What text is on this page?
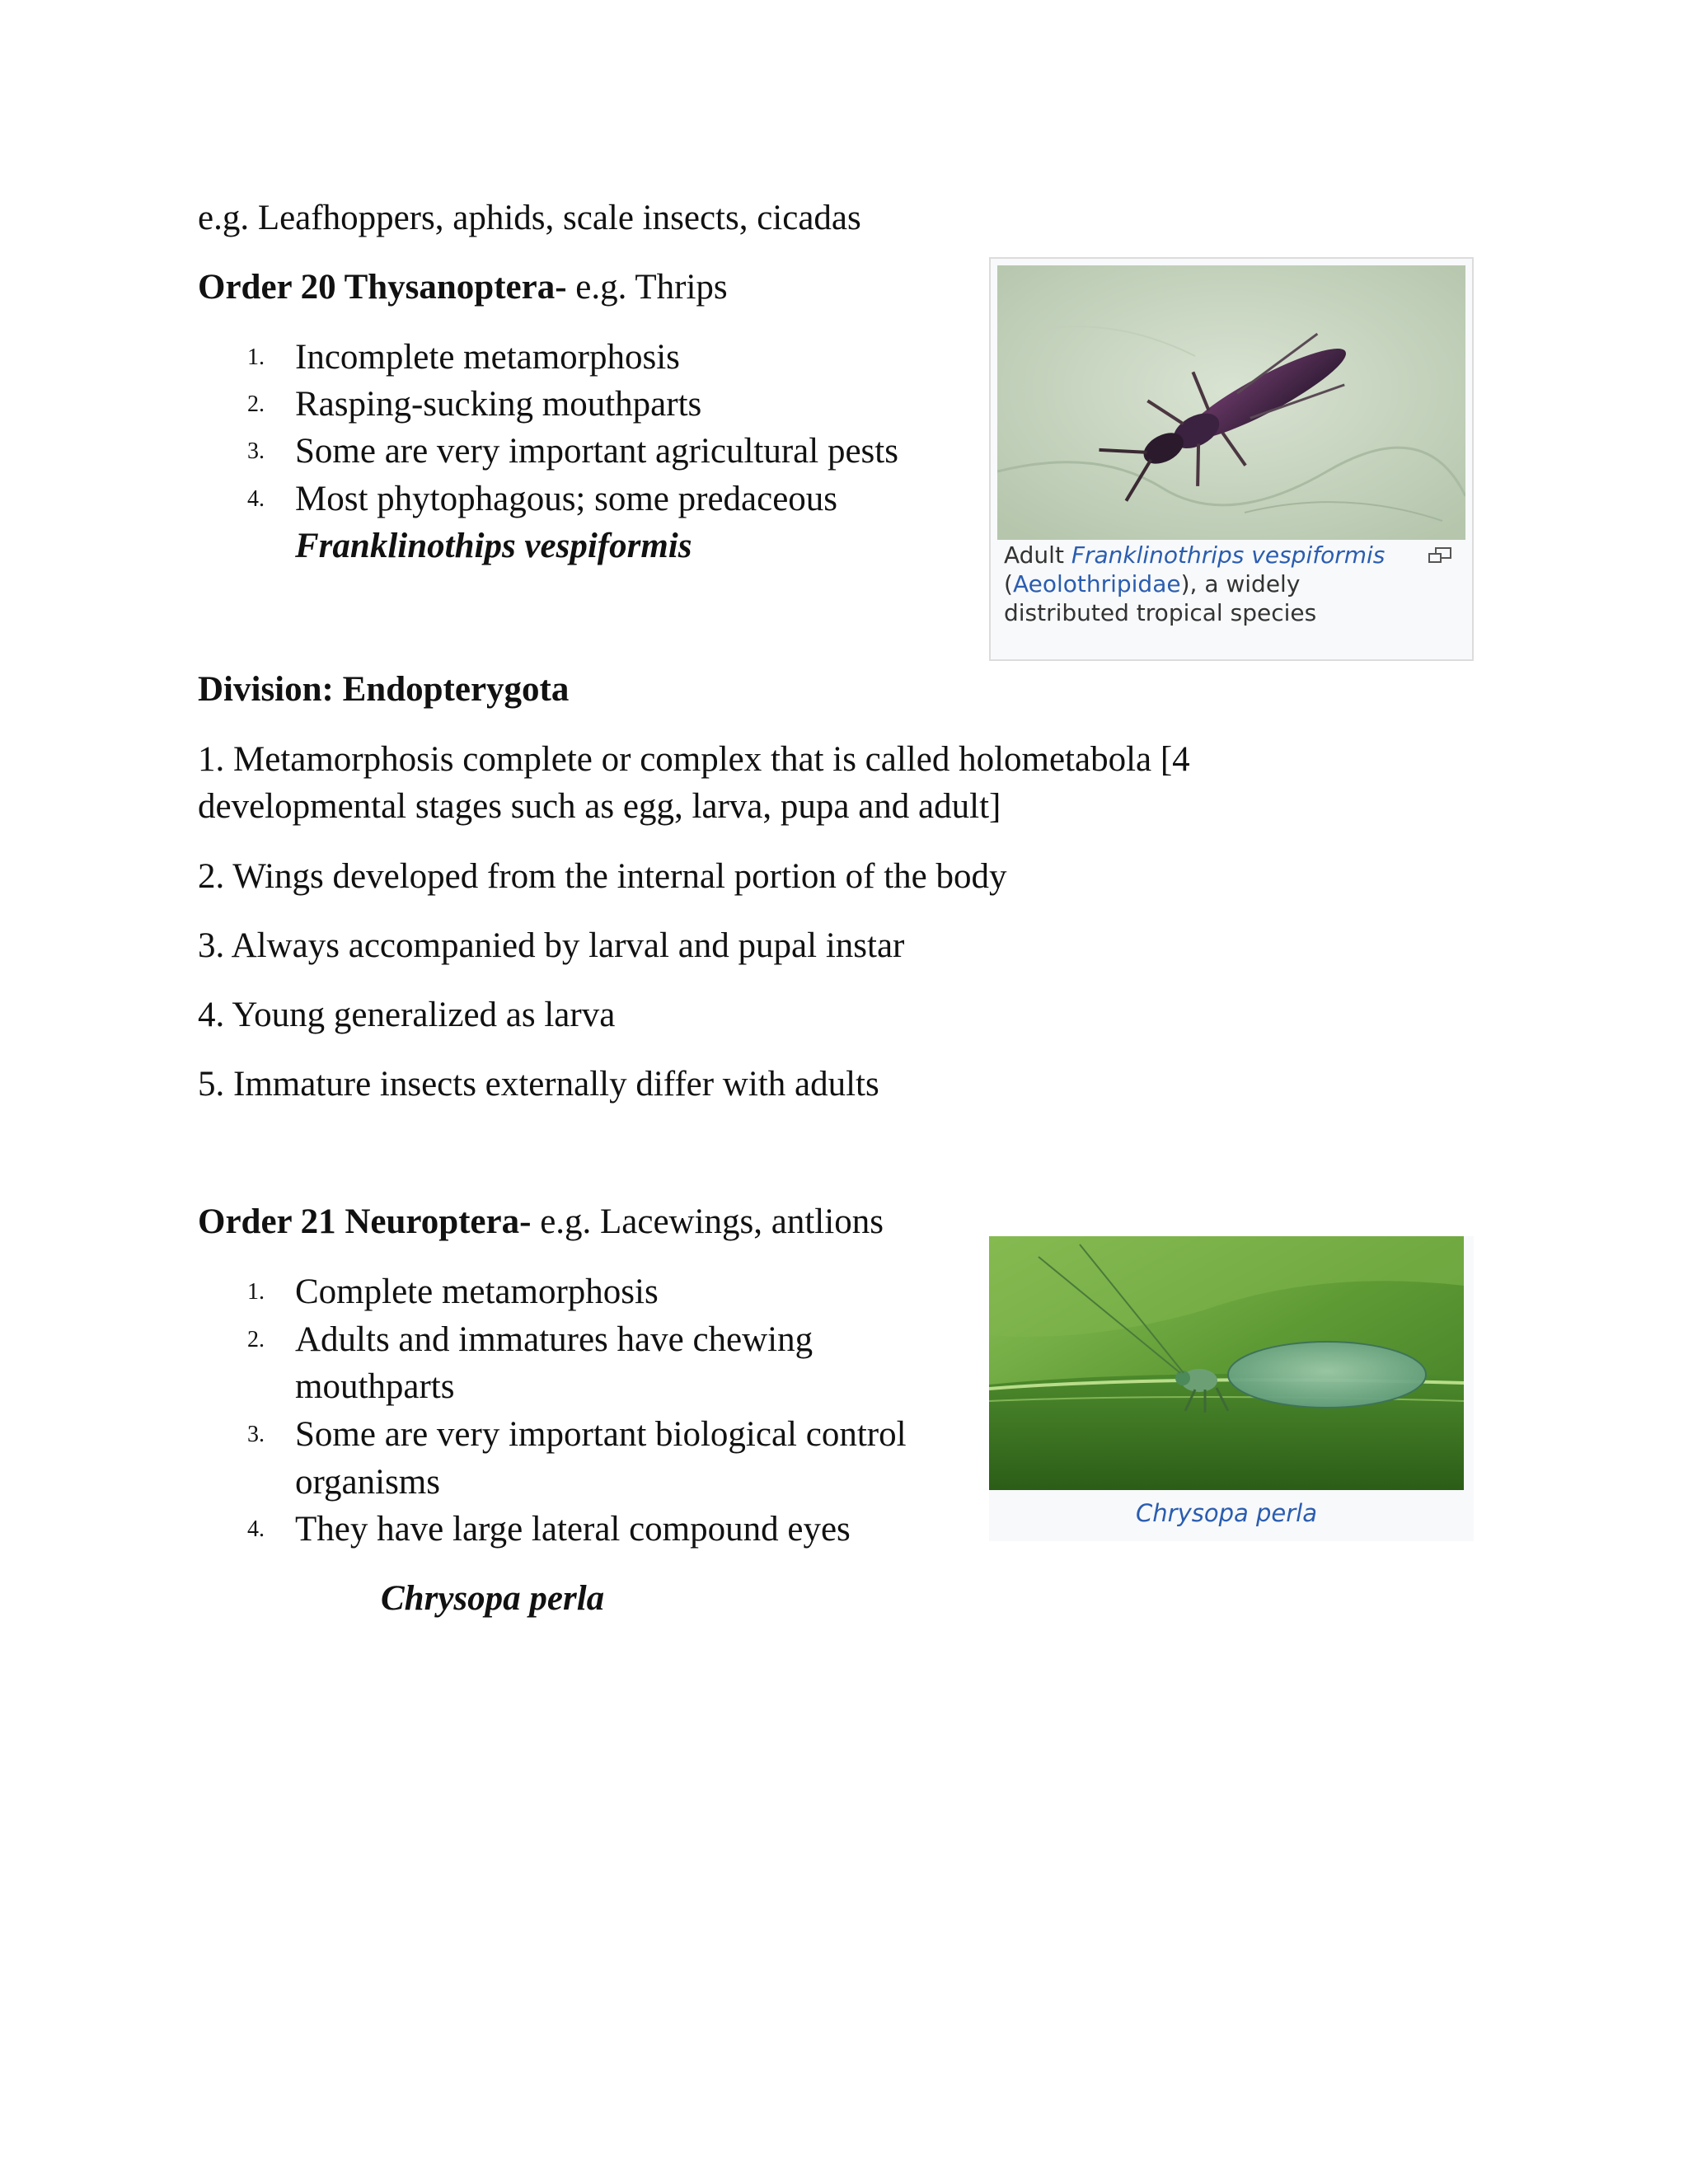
e.g. Leafhoppers, aphids, scale insects, cicadas
Order 20 Thysanoptera- e.g. Thrips
1. Incomplete metamorphosis
2. Rasping-sucking mouthparts
3. Some are very important agricultural pests
4. Most phytophagous; some predaceous
Franklinothips vespiformis	Adult Franklinothrips vespiformis (Aeolothripidae), a widely distributed tropical species
Division: Endopterygota
1. Metamorphosis complete or complex that is called holometabola [4
developmental stages such as egg, larva, pupa and adult]
2. Wings developed from the internal portion of the body
3. Always accompanied by larval and pupal instar
4. Young generalized as larva
5. Immature insects externally differ with adults
Order 21 Neuroptera- e.g. Lacewings, antlions
1. Complete metamorphosis
2. Adults and immatures have chewing
mouthparts
3. Some are very important biological control
organisms
4. They have large lateral compound eyes
Chrysopa perla
Chrysopa perla
